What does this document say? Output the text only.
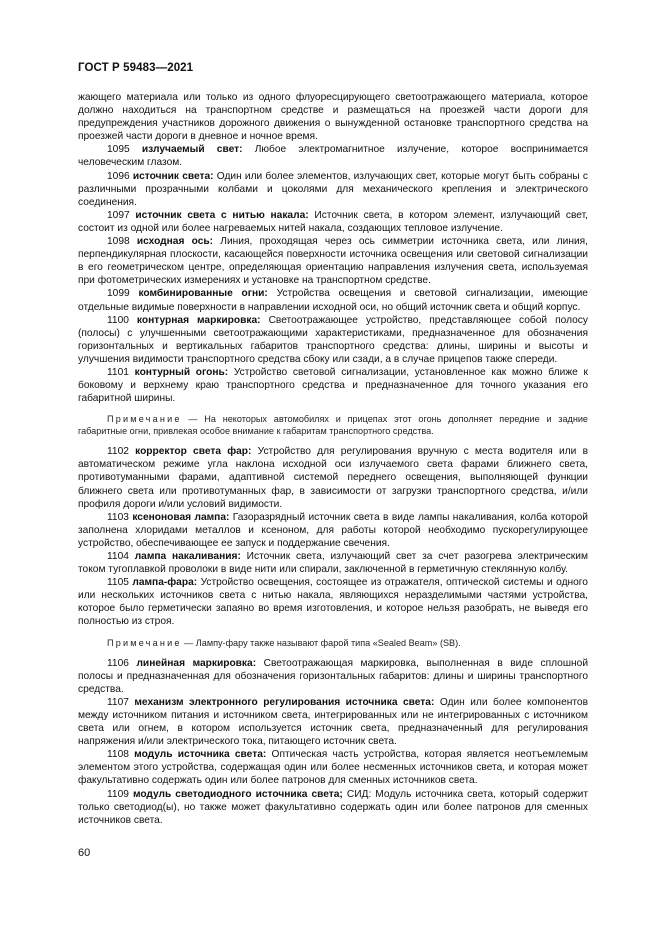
ГОСТ Р 59483—2021

жающего материала или только из одного флуоресцирующего светоотражающего материала, которое должно находиться на транспортном средстве и размещаться на проезжей части дороги для предупреждения участников дорожного движения о вынужденной остановке транспортного средства на проезжей части дороги в дневное и ночное время.

1095 излучаемый свет: Любое электромагнитное излучение, которое воспринимается человеческим глазом.

1096 источник света: Один или более элементов, излучающих свет, которые могут быть собраны с различными прозрачными колбами и цоколями для механического крепления и электрического соединения.

1097 источник света с нитью накала: Источник света, в котором элемент, излучающий свет, состоит из одной или более нагреваемых нитей накала, создающих тепловое излучение.

1098 исходная ось: Линия, проходящая через ось симметрии источника света, или линия, перпендикулярная плоскости, касающейся поверхности источника освещения или световой сигнализации в его геометрическом центре, определяющая ориентацию направления излучения света, используемая при фотометрических измерениях и установке на транспортном средстве.

1099 комбинированные огни: Устройства освещения и световой сигнализации, имеющие отдельные видимые поверхности в направлении исходной оси, но общий источник света и общий корпус.

1100 контурная маркировка: Светоотражающее устройство, представляющее собой полосу (полосы) с улучшенными светоотражающими характеристиками, предназначенное для обозначения горизонтальных и вертикальных габаритов транспортного средства: длины, ширины и высоты и улучшения видимости транспортного средства сбоку или сзади, а в случае прицепов также спереди.

1101 контурный огонь: Устройство световой сигнализации, установленное как можно ближе к боковому и верхнему краю транспортного средства и предназначенное для точного указания его габаритной ширины.

Примечание — На некоторых автомобилях и прицепах этот огонь дополняет передние и задние габаритные огни, привлекая особое внимание к габаритам транспортного средства.

1102 корректор света фар: Устройство для регулирования вручную с места водителя или в автоматическом режиме угла наклона исходной оси излучаемого света фарами ближнего света, противотуманными фарами, адаптивной системой переднего освещения, выполняющей функции ближнего света или противотуманных фар, в зависимости от загрузки транспортного средства, и/или профиля дороги и/или условий видимости.

1103 ксеноновая лампа: Газоразрядный источник света в виде лампы накаливания, колба которой заполнена хлоридами металлов и ксеноном, для работы которой необходимо пускорегулирующее устройство, обеспечивающее ее запуск и поддержание свечения.

1104 лампа накаливания: Источник света, излучающий свет за счет разогрева электрическим током тугоплавкой проволоки в виде нити или спирали, заключенной в герметичную стеклянную колбу.

1105 лампа-фара: Устройство освещения, состоящее из отражателя, оптической системы и одного или нескольких источников света с нитью накала, являющихся неразделимыми частями устройства, которое было герметически запаяно во время изготовления, и которое нельзя разобрать, не выведя его полностью из строя.

Примечание — Лампу-фару также называют фарой типа «Sealed Beam» (SB).

1106 линейная маркировка: Светоотражающая маркировка, выполненная в виде сплошной полосы и предназначенная для обозначения горизонтальных габаритов: длины и ширины транспортного средства.

1107 механизм электронного регулирования источника света: Один или более компонентов между источником питания и источником света, интегрированных или не интегрированных с источником света или огнем, в котором используется источник света, предназначенный для регулирования напряжения и/или электрического тока, питающего источник света.

1108 модуль источника света: Оптическая часть устройства, которая является неотъемлемым элементом этого устройства, содержащая один или более несменных источников света, и которая может факультативно содержать один или более патронов для сменных источников света.

1109 модуль светодиодного источника света; СИД: Модуль источника света, который содержит только светодиод(ы), но также может факультативно содержать один или более патронов для сменных источников света.

60
